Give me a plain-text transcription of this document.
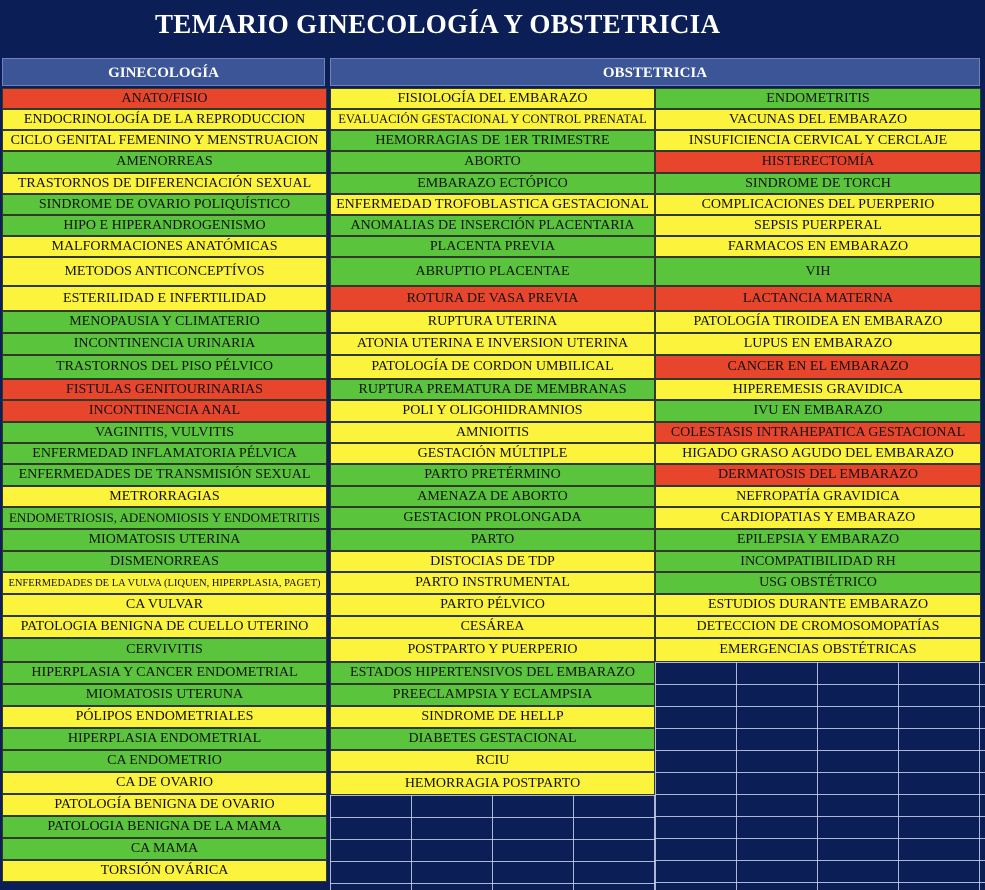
TEMARIO GINECOLOGÍA Y OBSTETRICIA
GINECOLOGÍA	OBSTETRICIA
ANATO/FISIO
ENDOCRINOLOGÍA DE LA REPRODUCCION
CICLO GENITAL FEMENINO Y MENSTRUACION
AMENORREAS
TRASTORNOS DE DIFERENCIACIÓN SEXUAL
SINDROME DE OVARIO POLIQUÍSTICO
HIPO E HIPERANDROGENISMO
MALFORMACIONES ANATÓMICAS
METODOS ANTICONCEPTÍVOS
ESTERILIDAD E INFERTILIDAD
MENOPAUSIA Y CLIMATERIO
INCONTINENCIA URINARIA
TRASTORNOS DEL PISO PÉLVICO
FISTULAS GENITOURINARIAS
INCONTINENCIA ANAL
VAGINITIS, VULVITIS
ENFERMEDAD INFLAMATORIA PÉLVICA
ENFERMEDADES DE TRANSMISIÓN SEXUAL
METRORRAGIAS
ENDOMETRIOSIS, ADENOMIOSIS Y ENDOMETRITIS
MIOMATOSIS UTERINA
DISMENORREAS
ENFERMEDADES DE LA VULVA (LIQUEN, HIPERPLASIA, PAGET)
CA VULVAR
PATOLOGIA BENIGNA DE CUELLO UTERINO
CERVIVITIS
HIPERPLASIA Y CANCER ENDOMETRIAL
MIOMATOSIS UTERUNA
PÓLIPOS ENDOMETRIALES
HIPERPLASIA ENDOMETRIAL
CA ENDOMETRIO
CA DE OVARIO
PATOLOGÍA BENIGNA DE OVARIO
PATOLOGIA BENIGNA DE LA MAMA
CA MAMA
TORSIÓN OVÁRICA
FISIOLOGÍA DEL EMBARAZO
EVALUACIÓN GESTACIONAL Y CONTROL PRENATAL
HEMORRAGIAS DE 1ER TRIMESTRE
ABORTO
EMBARAZO ECTÓPICO
ENFERMEDAD TROFOBLASTICA GESTACIONAL
ANOMALIAS DE INSERCIÓN PLACENTARIA
PLACENTA PREVIA
ABRUPTIO PLACENTAE
ROTURA DE VASA PREVIA
RUPTURA UTERINA
ATONIA UTERINA E INVERSION UTERINA
PATOLOGÍA DE CORDON UMBILICAL
RUPTURA PREMATURA DE MEMBRANAS
POLI Y OLIGOHIDRAMNIOS
AMNIOITIS
GESTACIÓN MÚLTIPLE
PARTO PRETÉRMINO
AMENAZA DE ABORTO
GESTACION PROLONGADA
PARTO
DISTOCIAS DE TDP
PARTO INSTRUMENTAL
PARTO PÉLVICO
CESÁREA
POSTPARTO Y PUERPERIO
ESTADOS HIPERTENSIVOS DEL EMBARAZO
PREECLAMPSIA Y ECLAMPSIA
SINDROME DE HELLP
DIABETES GESTACIONAL
RCIU
HEMORRAGIA POSTPARTO
ENDOMETRITIS
VACUNAS DEL EMBARAZO
INSUFICIENCIA CERVICAL Y CERCLAJE
HISTERECTOMÍA
SINDROME DE TORCH
COMPLICACIONES DEL PUERPERIO
SEPSIS PUERPERAL
FARMACOS EN EMBARAZO
VIH
LACTANCIA MATERNA
PATOLOGÍA TIROIDEA EN EMBARAZO
LUPUS EN EMBARAZO
CANCER EN EL EMBARAZO
HIPEREMESIS GRAVIDICA
IVU EN EMBARAZO
COLESTASIS INTRAHEPATICA GESTACIONAL
HIGADO GRASO AGUDO DEL EMBARAZO
DERMATOSIS DEL EMBARAZO
NEFROPATÍA GRAVIDICA
CARDIOPATIAS Y EMBARAZO
EPILEPSIA Y EMBARAZO
INCOMPATIBILIDAD RH
USG OBSTÉTRICO
ESTUDIOS DURANTE EMBARAZO
DETECCION DE CROMOSOMOPATÍAS
EMERGENCIAS OBSTÉTRICAS
